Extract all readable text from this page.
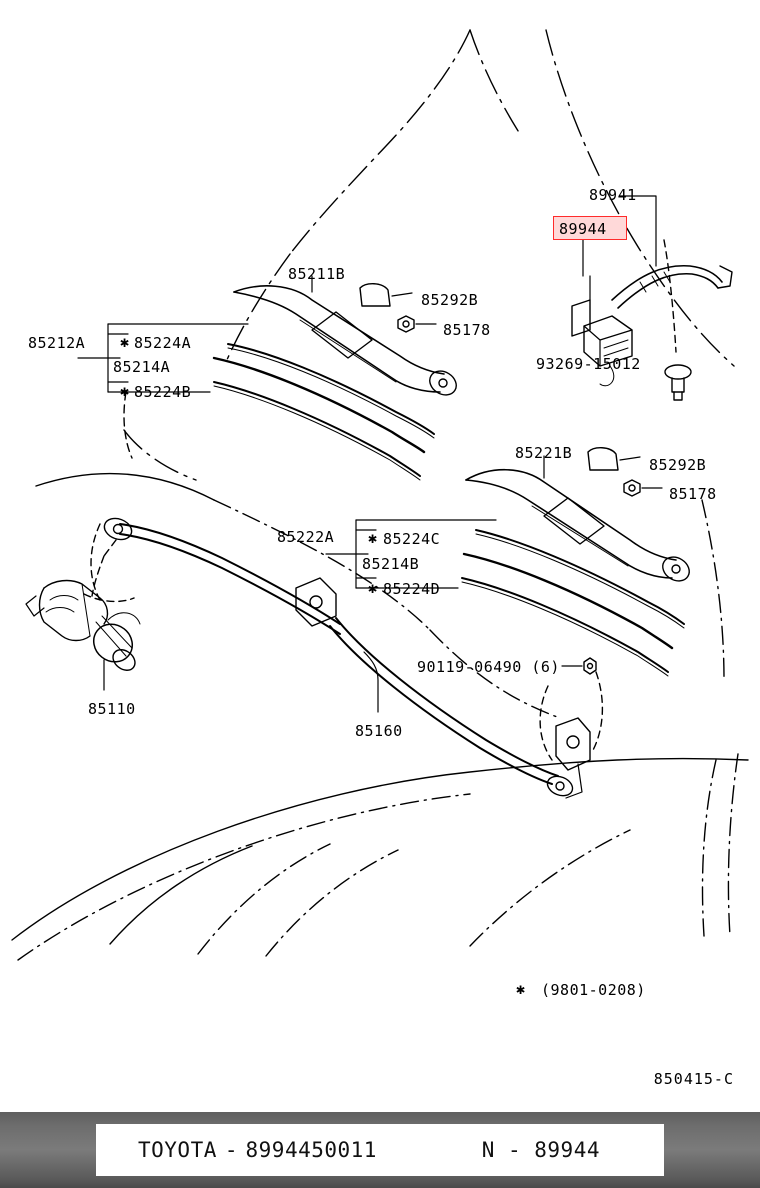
89944
89941
85211B
85292B
85178
85212A	85224A
85214A
85224B
93269-15012
85221B
85292B
85178
85222A	85224C
85214B
85224D
90119-06490 (6)
85110
85160
✱
✱
✱
✱
✱ (9801-0208)
850415-C
TOYOTA - 8994450011	N - 89944
